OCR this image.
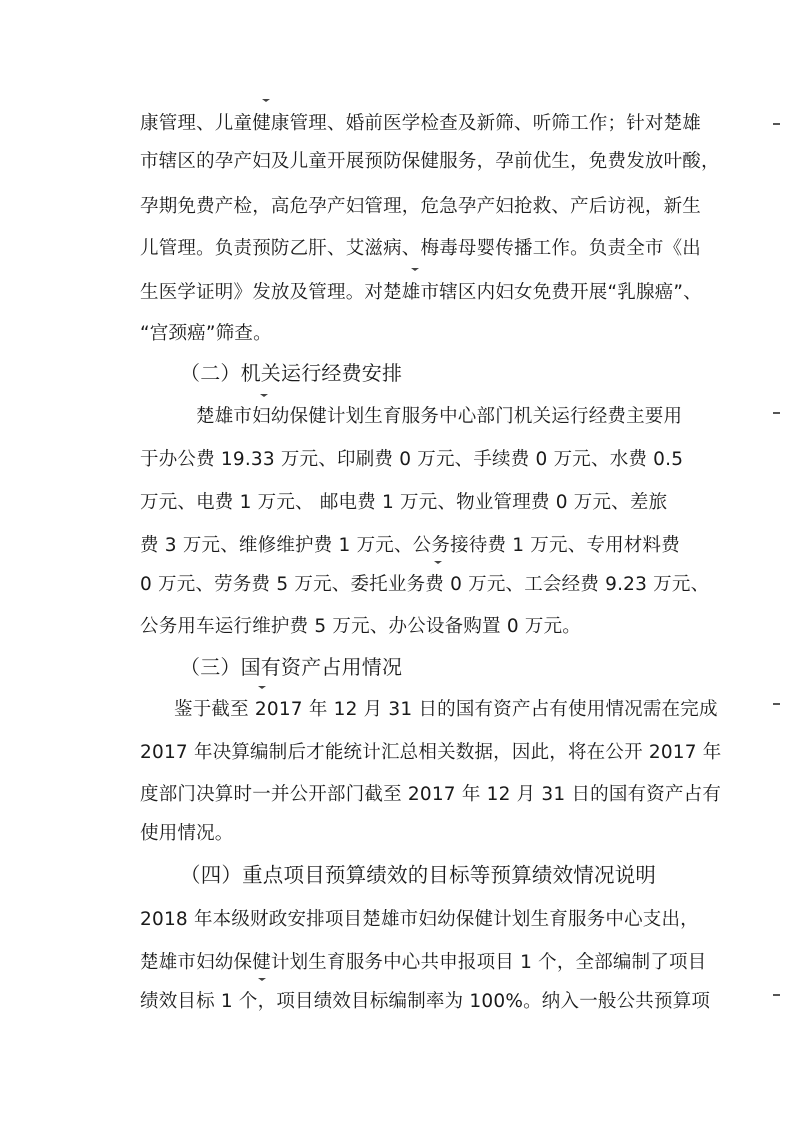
康管理、儿童健康管理、婚前医学检查及新筛、听筛工作；针对楚雄
市辖区的孕产妇及儿童开展预防保健服务，孕前优生，免费发放叶酸，
孕期免费产检，高危孕产妇管理，危急孕产妇抢救、产后访视，新生
儿管理。负责预防乙肝、艾滋病、梅毒母婴传播工作。负责全市《出
生医学证明》发放及管理。对楚雄市辖区内妇女免费开展“乳腺癌”、
“宫颈癌”筛查。
（二）机关运行经费安排
楚雄市妇幼保健计划生育服务中心部门机关运行经费主要用
于办公费 19.33 万元、印刷费 0 万元、手续费 0 万元、水费 0.5
万元、电费 1 万元、 邮电费 1 万元、物业管理费 0 万元、差旅
费 3 万元、维修维护费 1 万元、公务接待费 1 万元、专用材料费
0 万元、劳务费 5 万元、委托业务费 0 万元、工会经费 9.23 万元、
公务用车运行维护费 5 万元、办公设备购置 0 万元。
（三）国有资产占用情况
鉴于截至 2017 年 12 月 31 日的国有资产占有使用情况需在完成
2017 年决算编制后才能统计汇总相关数据，因此，将在公开 2017 年
度部门决算时一并公开部门截至 2017 年 12 月 31 日的国有资产占有
使用情况。
（四）重点项目预算绩效的目标等预算绩效情况说明
2018 年本级财政安排项目楚雄市妇幼保健计划生育服务中心支出，
楚雄市妇幼保健计划生育服务中心共申报项目 1 个，全部编制了项目
绩效目标 1 个，项目绩效目标编制率为 100%。纳入一般公共预算项
